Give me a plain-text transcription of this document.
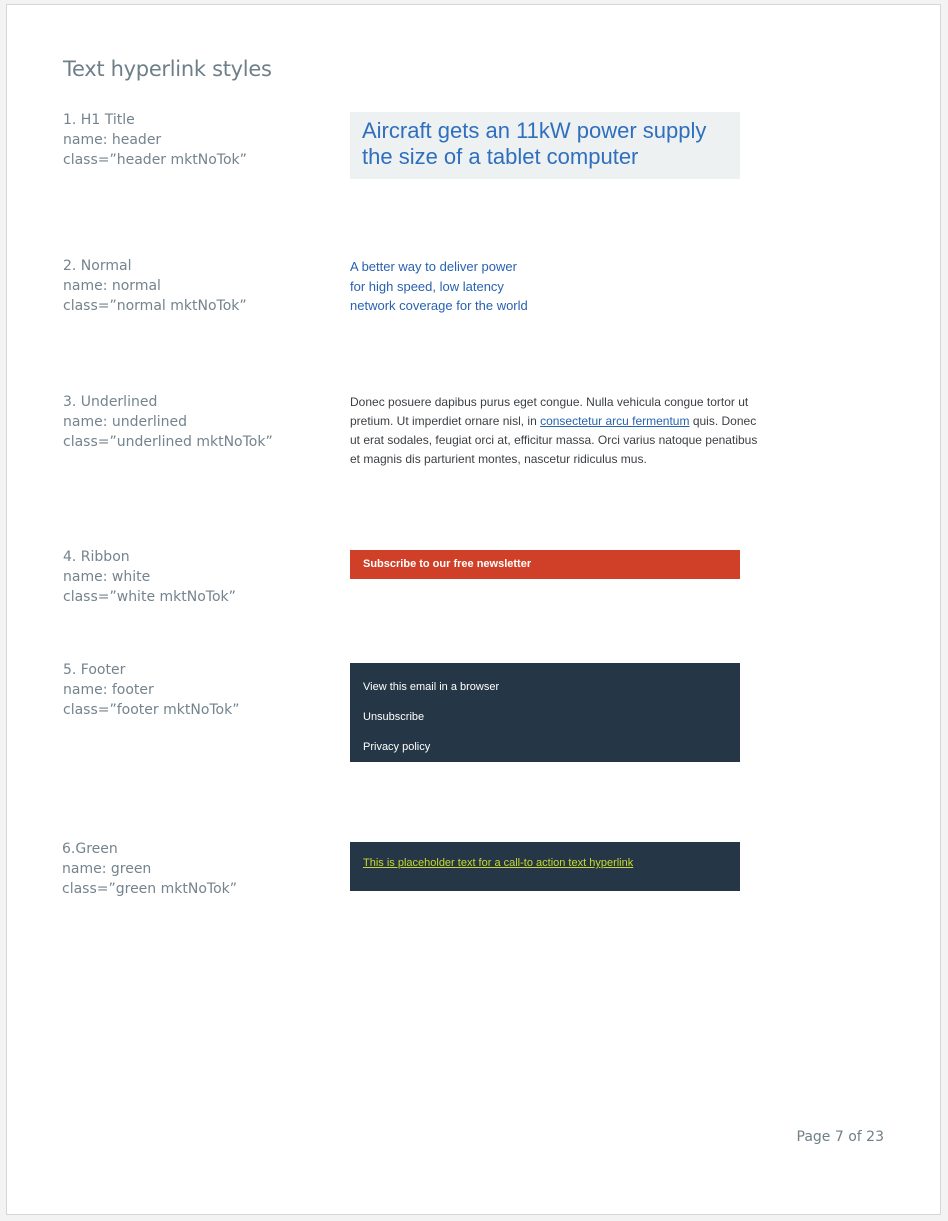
Text hyperlink styles
1. H1 Title
name: header
class=”header mktNoTok”
Aircraft gets an 11kW power supply
the size of a tablet computer
2. Normal
name: normal
class=”normal mktNoTok”
A better way to deliver power
for high speed, low latency
network coverage for the world
3. Underlined
name: underlined
class=”underlined mktNoTok”
Donec posuere dapibus purus eget congue. Nulla vehicula congue tortor ut pretium. Ut imperdiet ornare nisl, in consectetur arcu fermentum quis. Donec ut erat sodales, feugiat orci at, efficitur massa. Orci varius natoque penatibus et magnis dis parturient montes, nascetur ridiculus mus.
4. Ribbon
name: white
class=”white mktNoTok”
Subscribe to our free newsletter
5. Footer
name: footer
class=”footer mktNoTok”
View this email in a browser
Unsubscribe
Privacy policy
6.Green
name: green
class=”green mktNoTok”
This is placeholder text for a call-to action text hyperlink
Page 7 of 23
